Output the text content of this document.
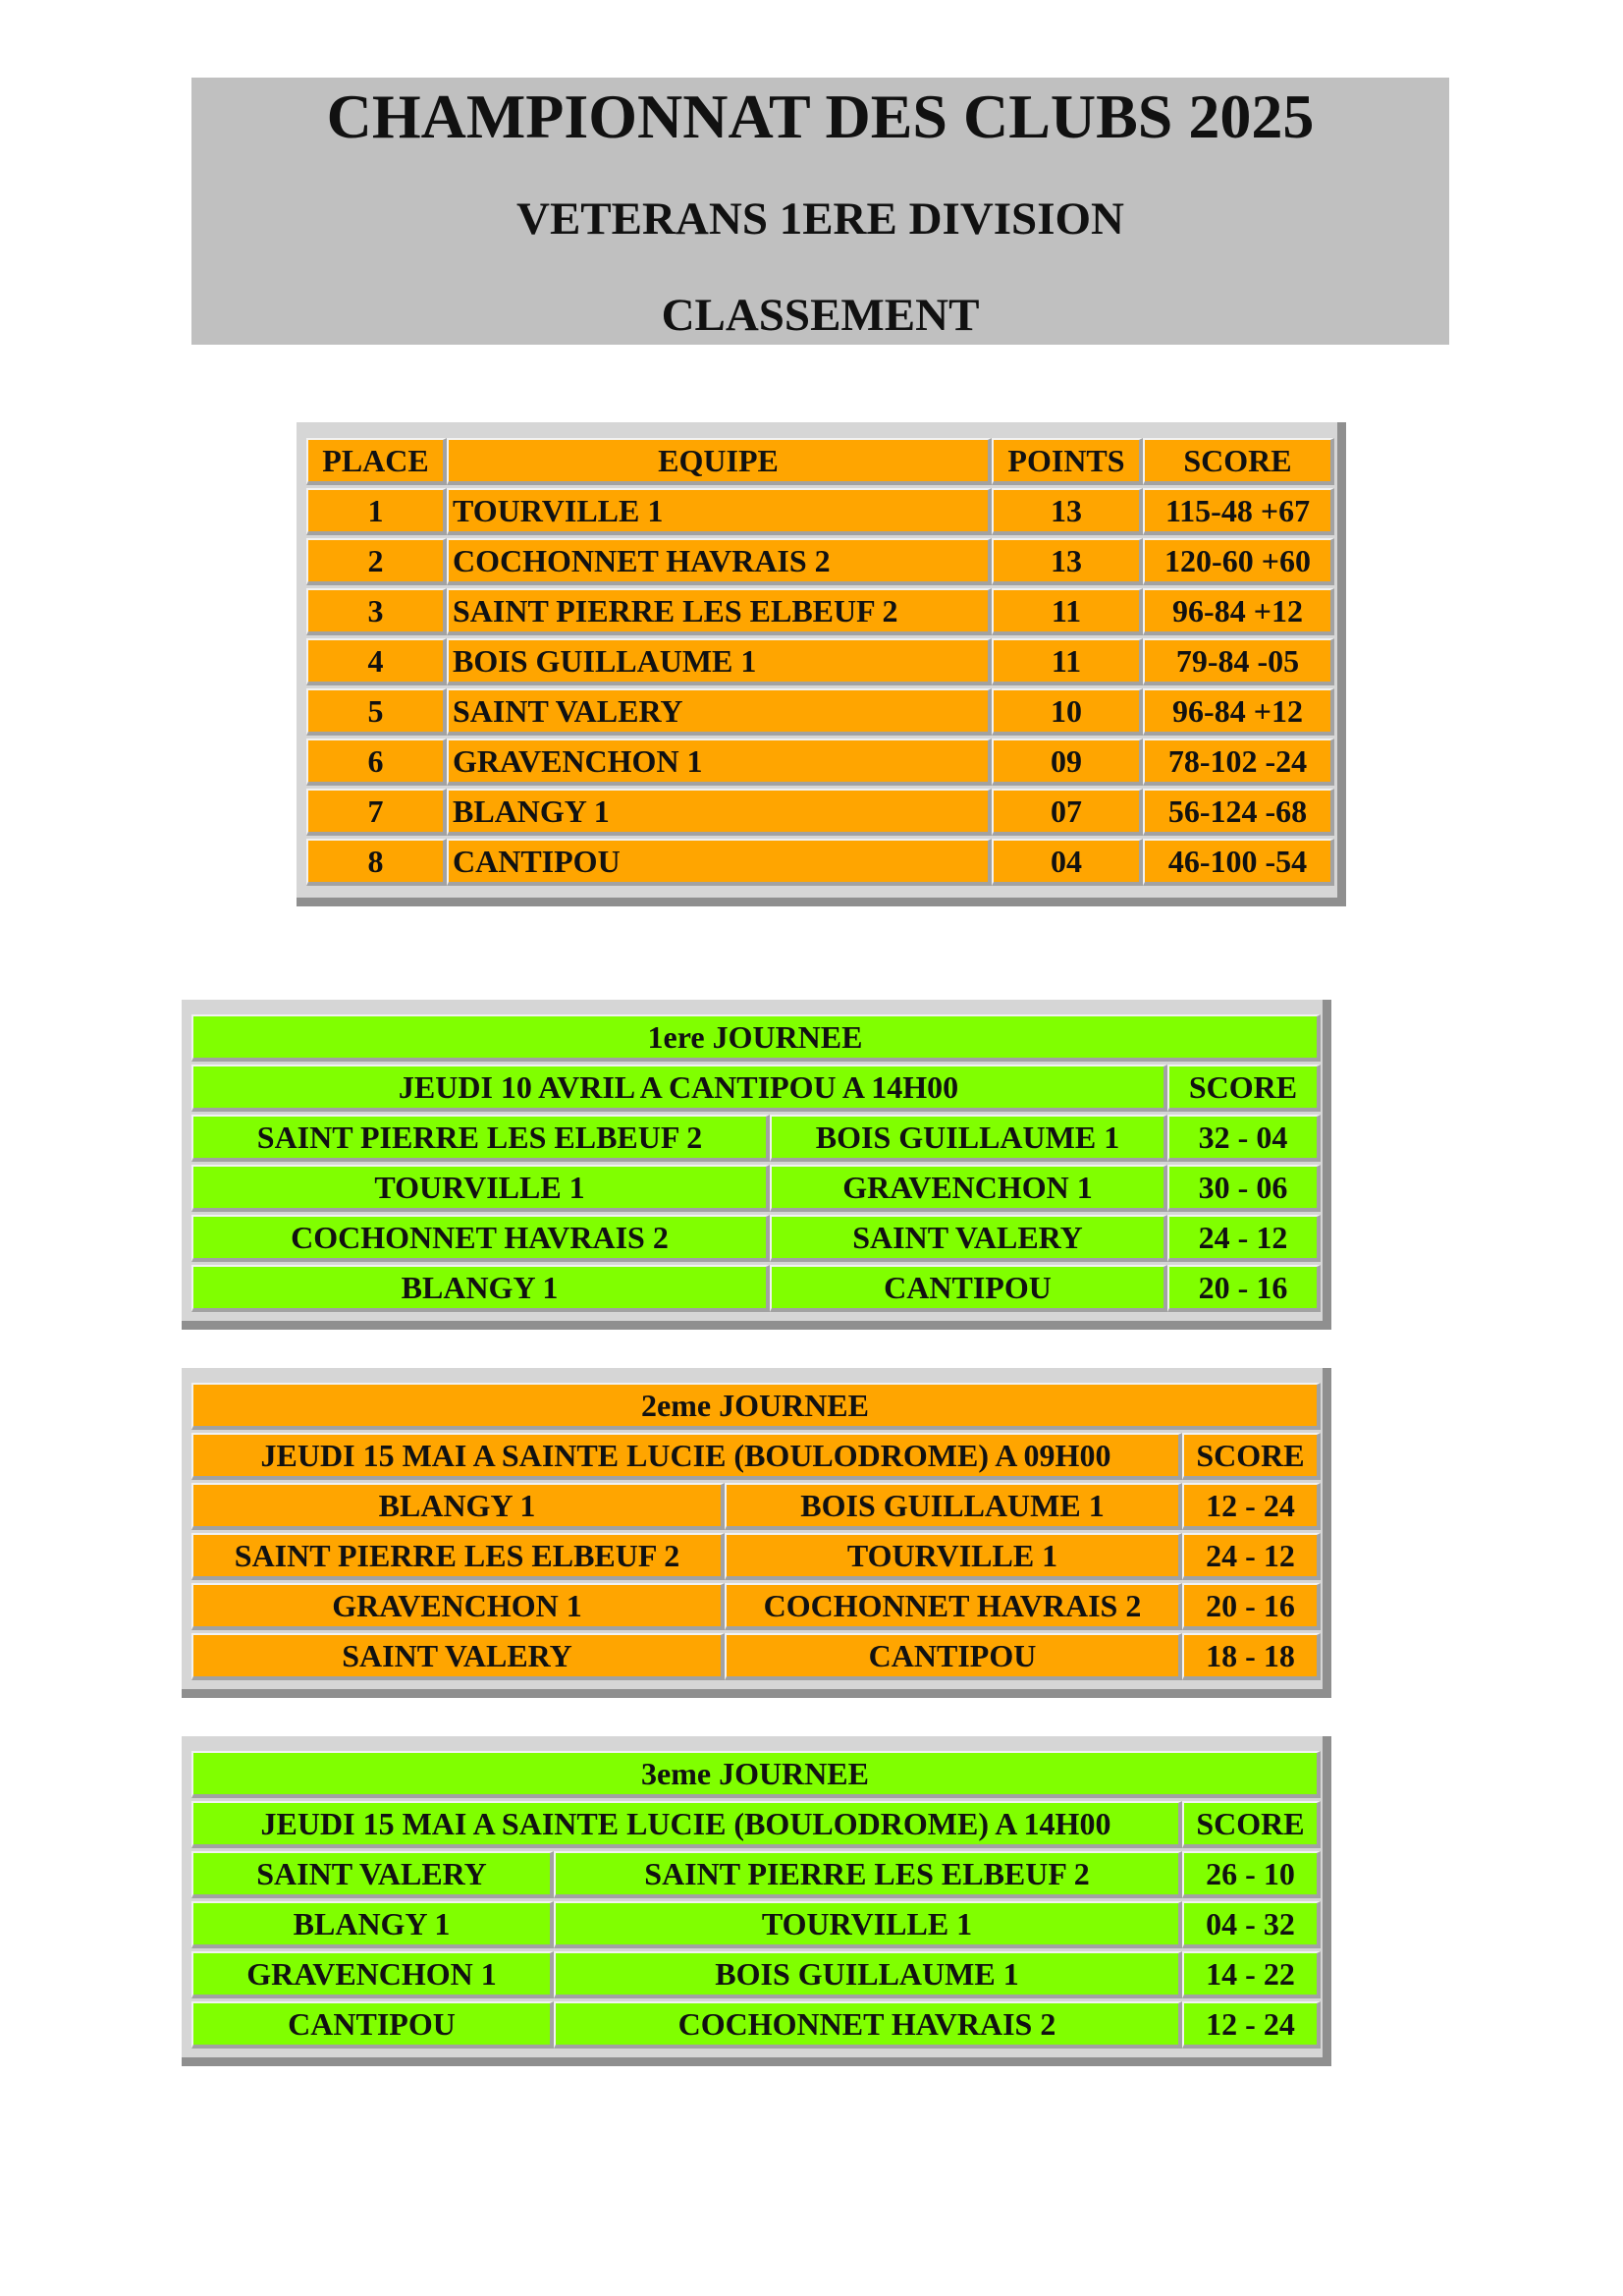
CHAMPIONNAT DES CLUBS 2025
VETERANS 1ERE DIVISION
CLASSEMENT
PLACE	EQUIPE	POINTS	SCORE
1	TOURVILLE 1	13	115-48 +67
2	COCHONNET HAVRAIS 2	13	120-60 +60
3	SAINT PIERRE LES ELBEUF 2	11	96-84 +12
4	BOIS GUILLAUME 1	11	79-84 -05
5	SAINT VALERY	10	96-84 +12
6	GRAVENCHON 1	09	78-102 -24
7	BLANGY 1	07	56-124 -68
8	CANTIPOU	04	46-100 -54
1ere JOURNEE
JEUDI 10 AVRIL A CANTIPOU A 14H00	SCORE
SAINT PIERRE LES ELBEUF 2	BOIS GUILLAUME 1	32 - 04
TOURVILLE 1	GRAVENCHON 1	30 - 06
COCHONNET HAVRAIS 2	SAINT VALERY	24 - 12
BLANGY 1	CANTIPOU	20 - 16
2eme JOURNEE
JEUDI 15 MAI A SAINTE LUCIE (BOULODROME) A 09H00	SCORE
BLANGY 1	BOIS GUILLAUME 1	12 - 24
SAINT PIERRE LES ELBEUF 2	TOURVILLE 1	24 - 12
GRAVENCHON 1	COCHONNET HAVRAIS 2	20 - 16
SAINT VALERY	CANTIPOU	18 - 18
3eme JOURNEE
JEUDI 15 MAI A SAINTE LUCIE (BOULODROME) A 14H00	SCORE
SAINT VALERY	SAINT PIERRE LES ELBEUF 2	26 - 10
BLANGY 1	TOURVILLE 1	04 - 32
GRAVENCHON 1	BOIS GUILLAUME 1	14 - 22
CANTIPOU	COCHONNET HAVRAIS 2	12 - 24
